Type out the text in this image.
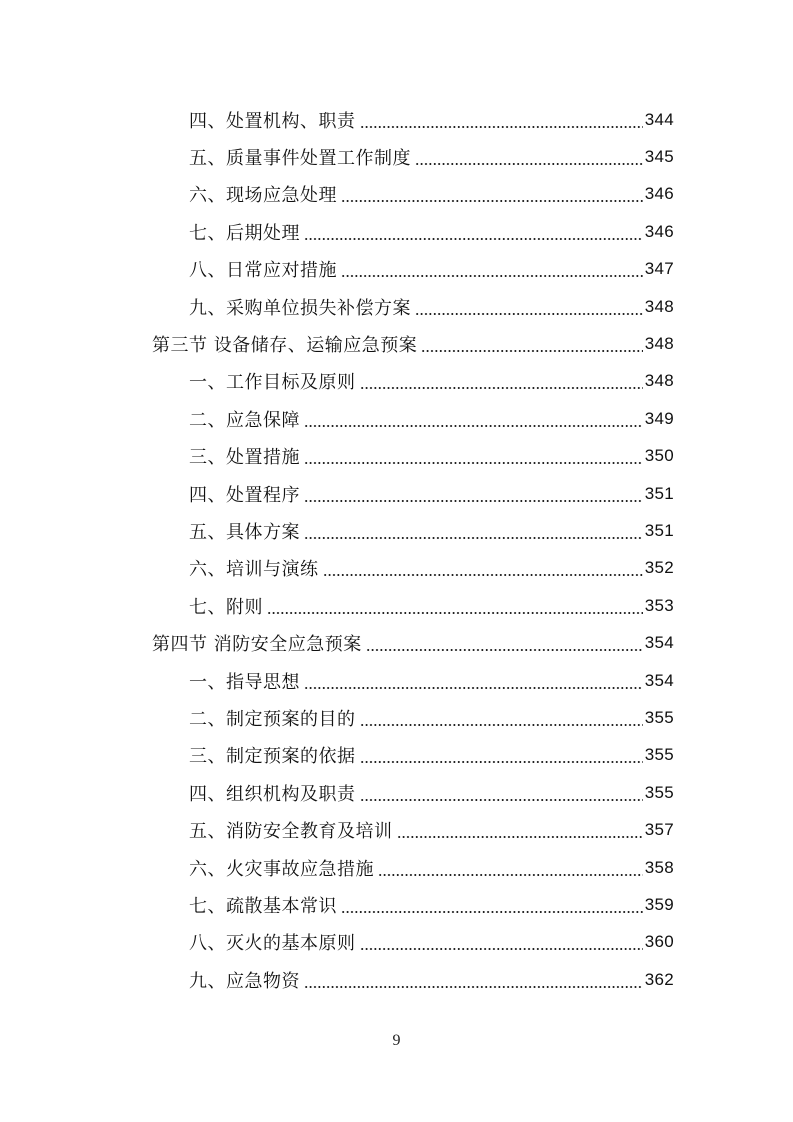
四、处置机构、职责	344
五、质量事件处置工作制度	345
六、现场应急处理	346
七、后期处理	346
八、日常应对措施	347
九、采购单位损失补偿方案	348
第三节 设备储存、运输应急预案	348
一、工作目标及原则	348
二、应急保障	349
三、处置措施	350
四、处置程序	351
五、具体方案	351
六、培训与演练	352
七、附则	353
第四节 消防安全应急预案	354
一、指导思想	354
二、制定预案的目的	355
三、制定预案的依据	355
四、组织机构及职责	355
五、消防安全教育及培训	357
六、火灾事故应急措施	358
七、疏散基本常识	359
八、灭火的基本原则	360
九、应急物资	362
9
